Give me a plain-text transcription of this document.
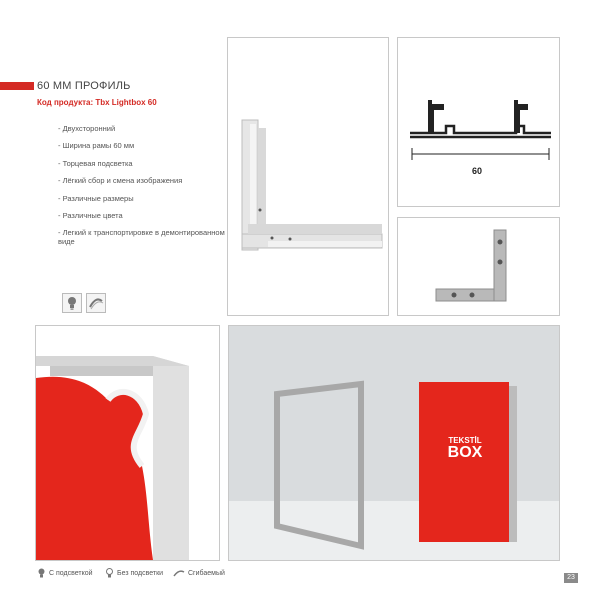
60 ММ ПРОФИЛЬ
Код продукта: Tbx Lightbox 60
- Двухсторонний
- Ширина рамы 60 мм
- Торцевая подсветка
- Лёгкий сбор и смена изображения
- Различные размеры
- Различные цвета
- Легкий к транспортировке в демонтированном виде
60
TEKSTİL
BOX
С подсветкой	Без подсветки	Сгибаемый
23
